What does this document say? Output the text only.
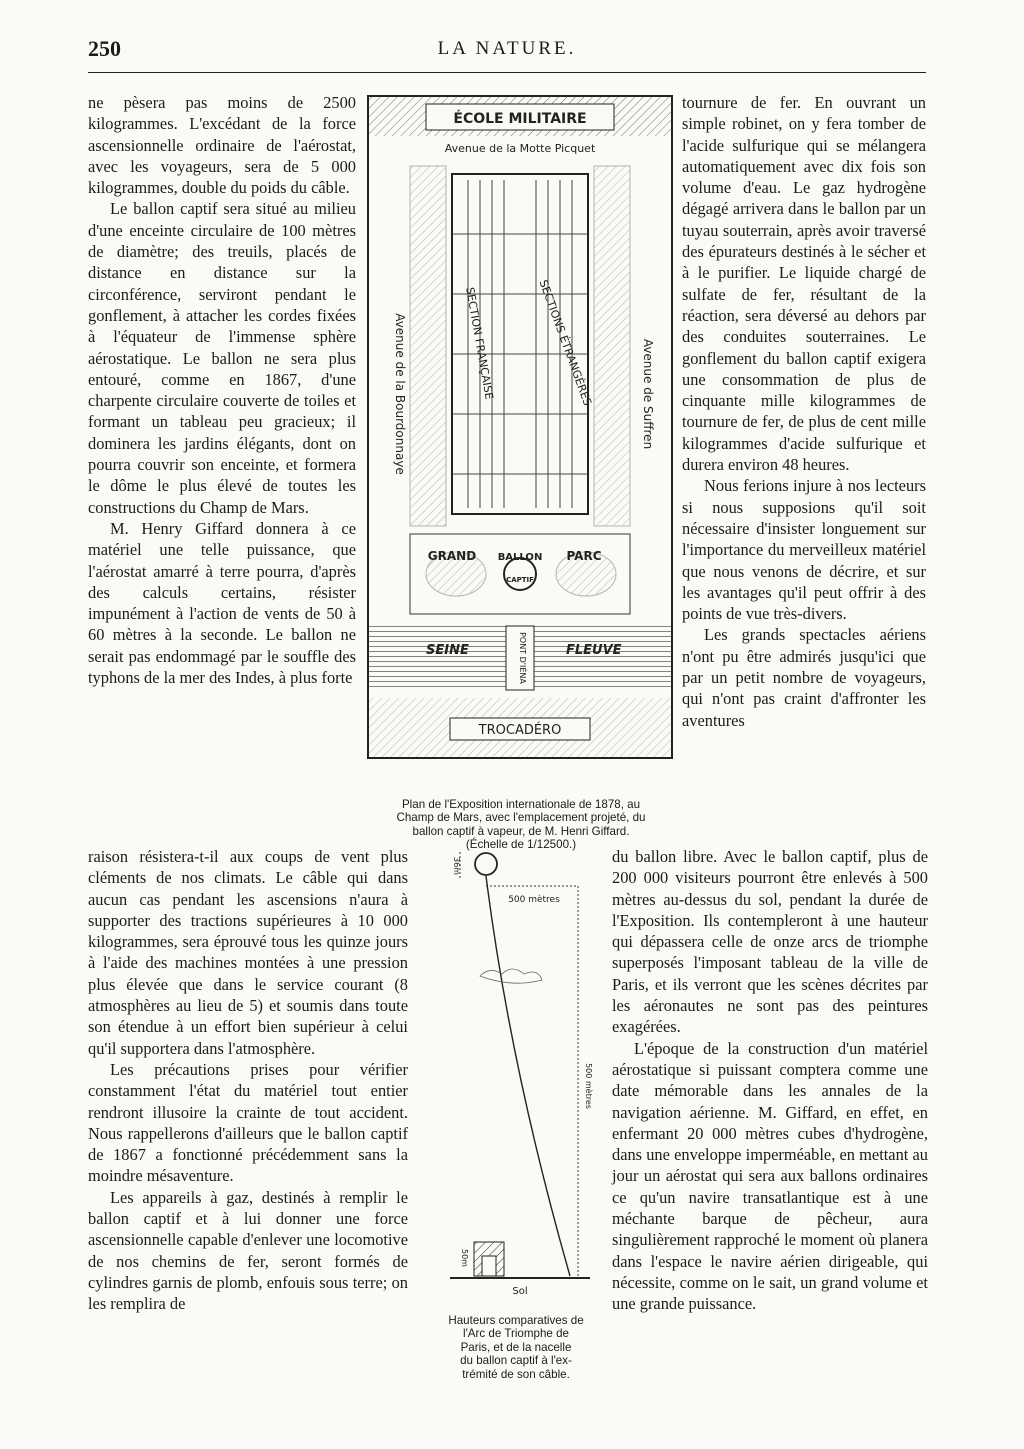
250	LA NATURE.

ne pèsera pas moins de 2500 kilogrammes. L'excédant de la force ascensionnelle ordinaire de l'aérostat, avec les voyageurs, sera de 5 000 kilogrammes, double du poids du câble.

Le ballon captif sera situé au milieu d'une enceinte circulaire de 100 mètres de diamètre; des treuils, placés de distance en distance sur la circonférence, serviront pendant le gonflement, à attacher les cordes fixées à l'équateur de l'immense sphère aérostatique. Le ballon ne sera plus entouré, comme en 1867, d'une charpente circulaire couverte de toiles et formant un tableau peu gracieux; il dominera les jardins élégants, dont on pourra couvrir son enceinte, et formera le dôme le plus élevé de toutes les constructions du Champ de Mars.

M. Henry Giffard donnera à ce matériel une telle puissance, que l'aérostat amarré à terre pourra, d'après des calculs certains, résister impunément à l'action de vents de 50 à 60 mètres à la seconde. Le ballon ne serait pas endommagé par le souffle des typhons de la mer des Indes, à plus forte

tournure de fer. En ouvrant un simple robinet, on y fera tomber de l'acide sulfurique qui se mélangera automatiquement avec dix fois son volume d'eau. Le gaz hydrogène dégagé arrivera dans le ballon par un tuyau souterrain, après avoir traversé des épurateurs destinés à le sécher et à le purifier. Le liquide chargé de sulfate de fer, résultant de la réaction, sera déversé au dehors par des conduites souterraines. Le gonflement du ballon captif exigera une consommation de plus de cinquante mille kilogrammes de tournure de fer, de plus de cent mille kilogrammes d'acide sulfurique et durera environ 48 heures.

Nous ferions injure à nos lecteurs si nous supposions qu'il soit nécessaire d'insister longuement sur l'importance du merveilleux matériel que nous venons de décrire, et sur les avantages qu'il peut offrir à des points de vue très-divers.

Les grands spectacles aériens n'ont pu être admirés jusqu'ici que par un petit nombre de voyageurs, qui n'ont pas craint d'affronter les aventures

raison résistera-t-il aux coups de vent plus cléments de nos climats. Le câble qui dans aucun cas pendant les ascensions n'aura à supporter des tractions supérieures à 10 000 kilogrammes, sera éprouvé tous les quinze jours à l'aide des machines montées à une pression plus élevée que dans le service courant (8 atmosphères au lieu de 5) et soumis dans toute son étendue à un effort bien supérieur à celui qu'il supportera dans l'atmosphère.

Les précautions prises pour vérifier constamment l'état du matériel tout entier rendront illusoire la crainte de tout accident. Nous rappellerons d'ailleurs que le ballon captif de 1867 a fonctionné précédemment sans la moindre mésaventure.

Les appareils à gaz, destinés à remplir le ballon captif et à lui donner une force ascensionnelle capable d'enlever une locomotive de nos chemins de fer, seront formés de cylindres garnis de plomb, enfouis sous terre; on les remplira de

du ballon libre. Avec le ballon captif, plus de 200 000 visiteurs pourront être enlevés à 500 mètres au-dessus du sol, pendant la durée de l'Exposition. Ils contempleront à une hauteur qui dépassera celle de onze arcs de triomphe superposés l'imposant tableau de la ville de Paris, et ils verront que les scènes décrites par les aéronautes ne sont pas des peintures exagérées.

L'époque de la construction d'un matériel aérostatique si puissant comptera comme une date mémorable dans les annales de la navigation aérienne. M. Giffard, en effet, en enfermant 20 000 mètres cubes d'hydrogène, dans une enveloppe imperméable, en mettant au jour un aérostat qui sera aux ballons ordinaires ce qu'un navire transatlantique est à une méchante barque de pêcheur, aura singulièrement rapproché le moment où planera dans l'espace le navire aérien dirigeable, qui nécessite, comme on le sait, un grand volume et une grande puissance.

ÉCOLE MILITAIRE
Avenue de la Motte Picquet
Avenue de la Bourdonnaye	Avenue de Suffren
SECTION FRANÇAISE	SECTIONS ÉTRANGÈRES
GRAND BALLON PARC
CAPTIF
SEINE	FLEUVE
PONT D'IÉNA
TROCADÉRO
Plan de l'Exposition internationale de 1878, au
Champ de Mars, avec l'emplacement projeté, du
ballon captif à vapeur, de M. Henri Giffard.
(Échelle de 1/12500.)
36m
500 mètres
500 mètres
50m
Sol
Hauteurs comparatives de
l'Arc de Triomphe de
Paris, et de la nacelle
du ballon captif à l'ex-
trémité de son câble.
